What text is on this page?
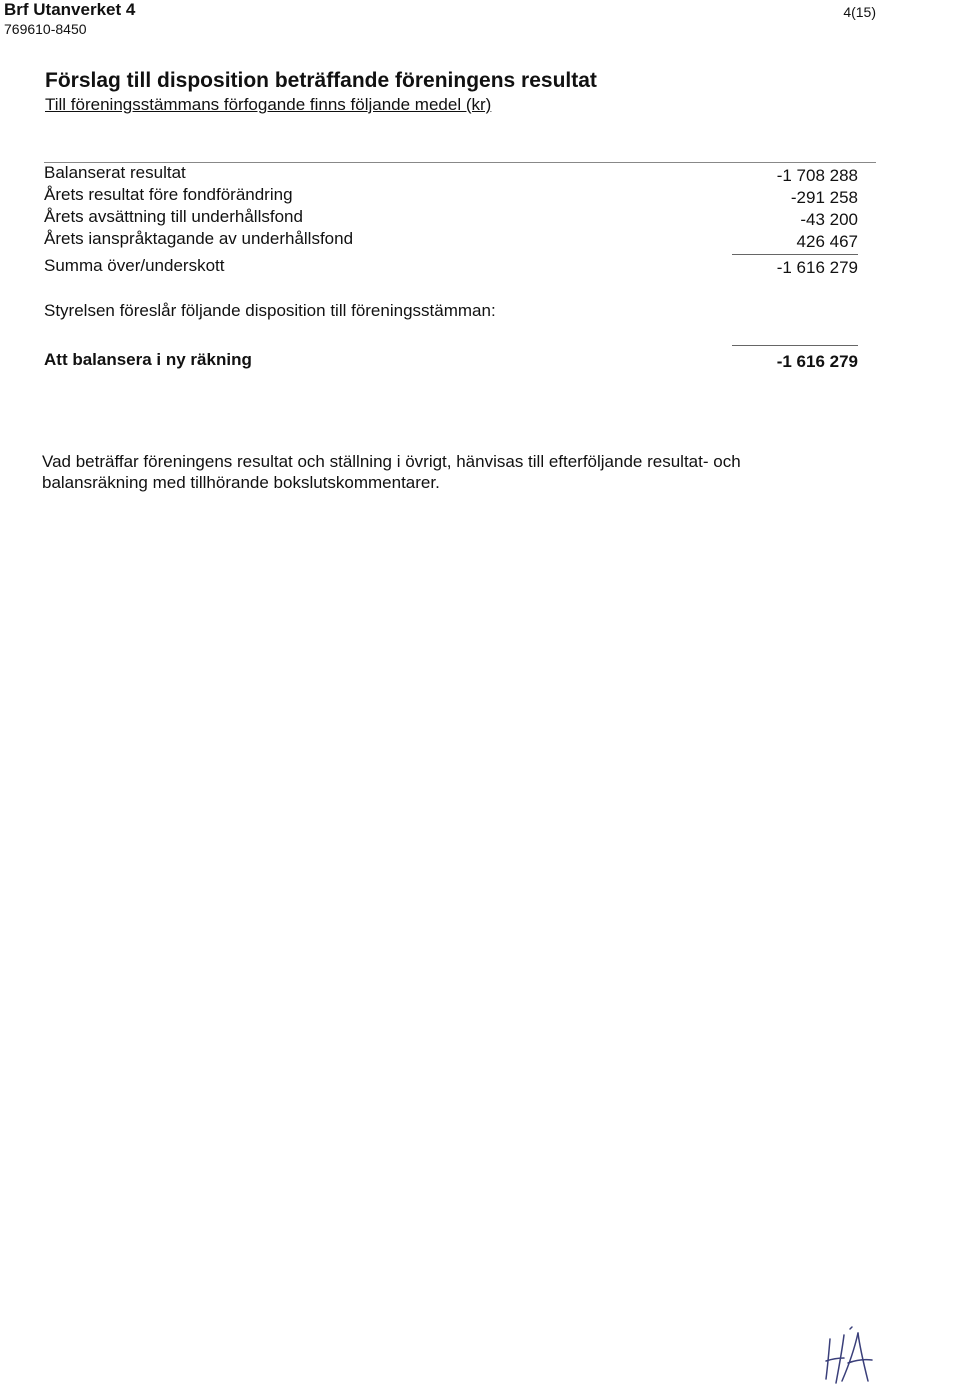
Brf Utanverket 4
769610-8450
4(15)
Förslag till disposition beträffande föreningens resultat
Till föreningsstämmans förfogande finns följande medel (kr)
Balanserat resultat	-1 708 288
Årets resultat före fondförändring	-291 258
Årets avsättning till underhållsfond	-43 200
Årets ianspråktagande av underhållsfond	426 467
Summa över/underskott	-1 616 279
Styrelsen föreslår följande disposition till föreningsstämman:
Att balansera i ny räkning	-1 616 279
Vad beträffar föreningens resultat och ställning i övrigt, hänvisas till efterföljande resultat- och
balansräkning med tillhörande bokslutskommentarer.
